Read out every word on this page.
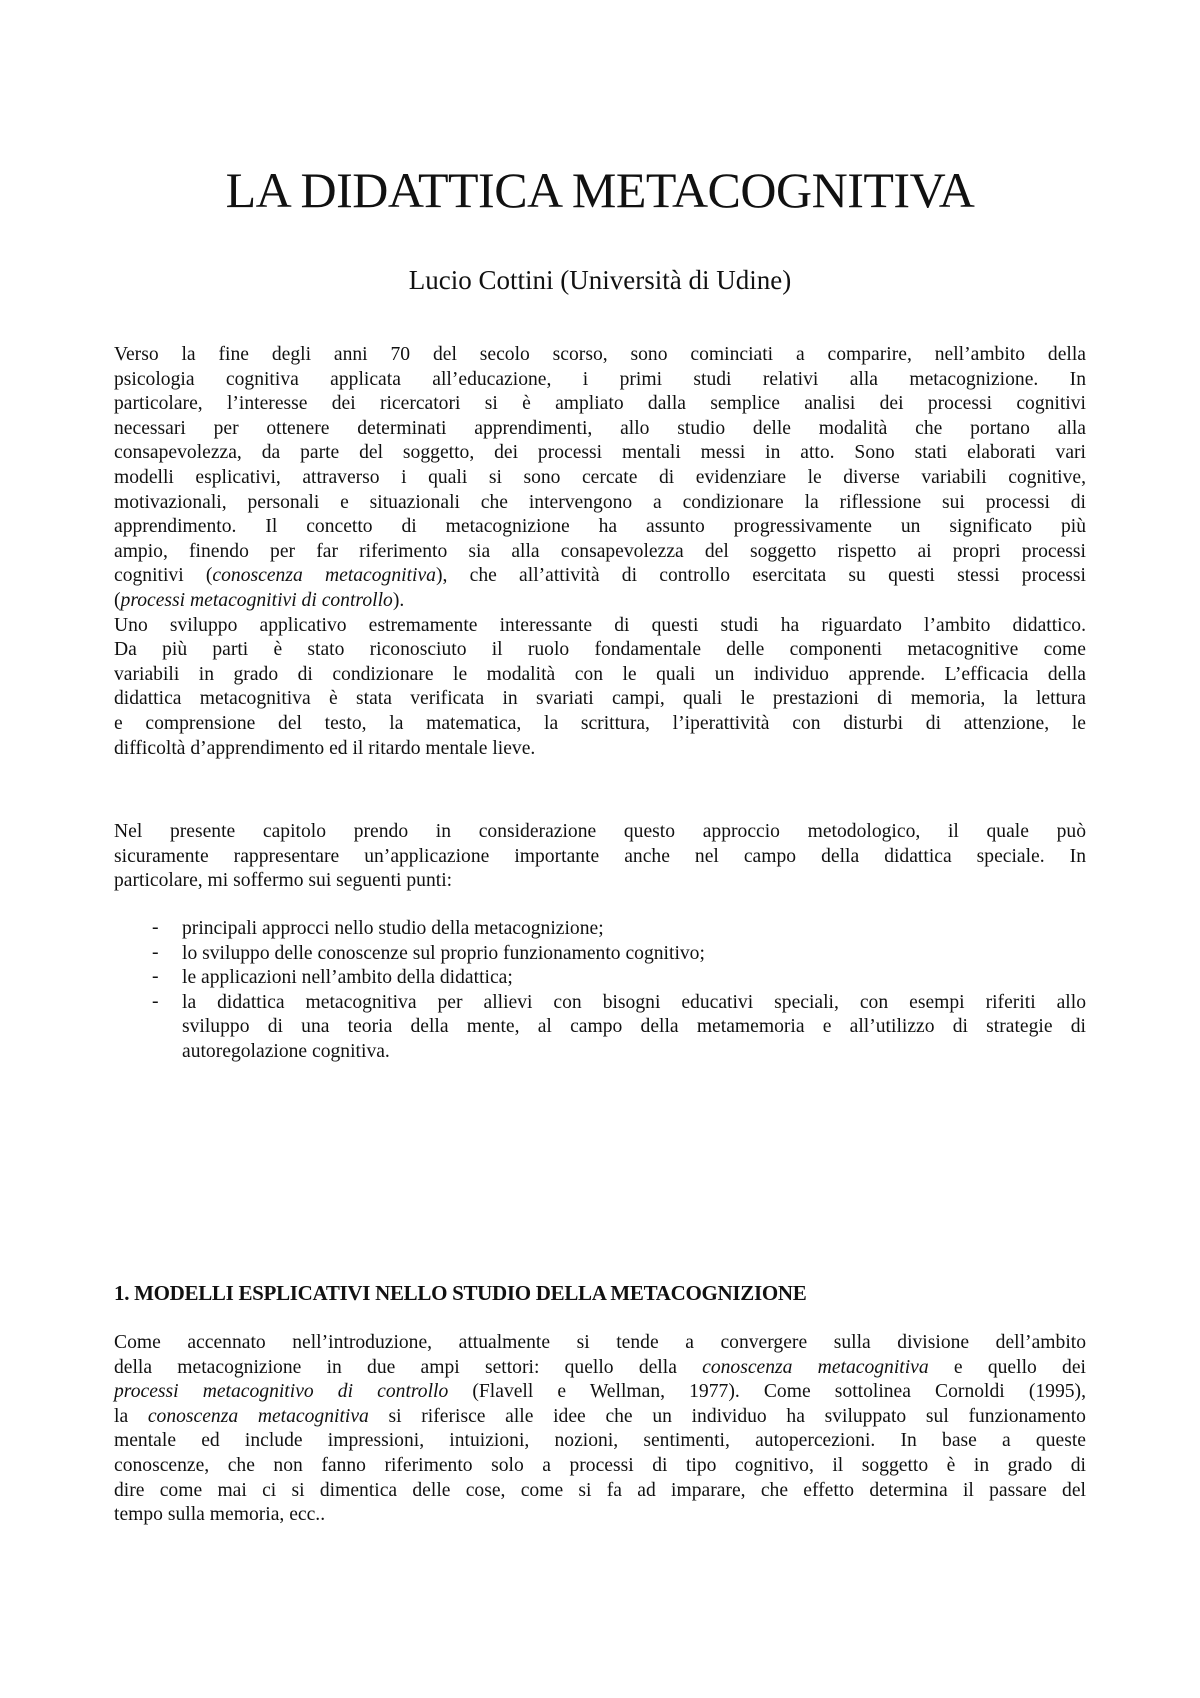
LA DIDATTICA METACOGNITIVA
Lucio Cottini (Università di Udine)
Verso la fine degli anni 70 del secolo scorso, sono cominciati a comparire, nell’ambito della
psicologia cognitiva applicata all’educazione, i primi studi relativi alla metacognizione. In
particolare, l’interesse dei ricercatori si è ampliato dalla semplice analisi dei processi cognitivi
necessari per ottenere determinati apprendimenti, allo studio delle modalità che portano alla
consapevolezza, da parte del soggetto, dei processi mentali messi in atto. Sono stati elaborati vari
modelli esplicativi, attraverso i quali si sono cercate di evidenziare le diverse variabili cognitive,
motivazionali, personali e situazionali che intervengono a condizionare la riflessione sui processi di
apprendimento. Il concetto di metacognizione ha assunto progressivamente un significato più
ampio, finendo per far riferimento sia alla consapevolezza del soggetto rispetto ai propri processi
cognitivi (conoscenza metacognitiva), che all’attività di controllo esercitata su questi stessi processi
(processi metacognitivi di controllo).
Uno sviluppo applicativo estremamente interessante di questi studi ha riguardato l’ambito didattico.
Da più parti è stato riconosciuto il ruolo fondamentale delle componenti metacognitive come
variabili in grado di condizionare le modalità con le quali un individuo apprende. L’efficacia della
didattica metacognitiva è stata verificata in svariati campi, quali le prestazioni di memoria, la lettura
e comprensione del testo, la matematica, la scrittura, l’iperattività con disturbi di attenzione, le
difficoltà d’apprendimento ed il ritardo mentale lieve.
Nel presente capitolo prendo in considerazione questo approccio metodologico, il quale può
sicuramente rappresentare un’applicazione importante anche nel campo della didattica speciale. In
particolare, mi soffermo sui seguenti punti:
- principali approcci nello studio della metacognizione;
- lo sviluppo delle conoscenze sul proprio funzionamento cognitivo;
- le applicazioni nell’ambito della didattica;
- la didattica metacognitiva per allievi con bisogni educativi speciali, con esempi riferiti allo
sviluppo di una teoria della mente, al campo della metamemoria e all’utilizzo di strategie di
autoregolazione cognitiva.
1. MODELLI ESPLICATIVI NELLO STUDIO DELLA METACOGNIZIONE
Come accennato nell’introduzione, attualmente si tende a convergere sulla divisione dell’ambito
della metacognizione in due ampi settori: quello della conoscenza metacognitiva e quello dei
processi metacognitivo di controllo (Flavell e Wellman, 1977). Come sottolinea Cornoldi (1995),
la conoscenza metacognitiva si riferisce alle idee che un individuo ha sviluppato sul funzionamento
mentale ed include impressioni, intuizioni, nozioni, sentimenti, autopercezioni. In base a queste
conoscenze, che non fanno riferimento solo a processi di tipo cognitivo, il soggetto è in grado di
dire come mai ci si dimentica delle cose, come si fa ad imparare, che effetto determina il passare del
tempo sulla memoria, ecc..
